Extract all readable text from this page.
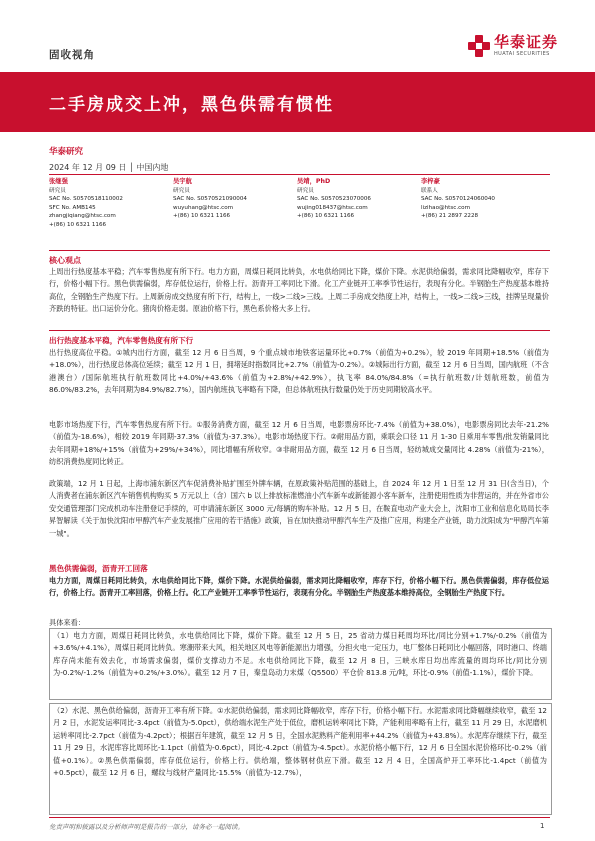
固收视角
华泰证券
HUATAI SECURITIES
二手房成交上冲，黑色供需有惯性
华泰研究
2024 年 12 月 09 日 │ 中国内地
张继强
研究员
SAC No. S0570518110002
SFC No. AMB145
zhangjiqiang@htsc.com
+(86) 10 6321 1166
吴宇航
研究员
SAC No. S0570521090004
wuyuhang@htsc.com
+(86) 10 6321 1166
吴靖，PhD
研究员
SAC No. S0570523070006
wujing018437@htsc.com
+(86) 10 6321 1166
李梓豪
联系人
SAC No. S0570124060040
lizihao@htsc.com
+(86) 21 2897 2228
核心观点
上周出行热度基本平稳；汽车零售热度有所下行。电力方面，周煤日耗同比转负，水电供给同比下降，煤价下降。水泥供给偏弱，需求同比降幅收窄，库存下行，价格小幅下行。黑色供需偏弱，库存低位运行，价格上行。沥青开工率同比下滑。化工产业链开工率季节性运行，表现有分化。半钢胎生产热度基本维持高位，全钢胎生产热度下行。上周新房成交热度有所下行，结构上，一线>二线>三线。上周二手房成交热度上冲，结构上，一线>二线>三线，挂牌呈现量价齐跌的特征。出口运价分化。猪肉价格走弱。原油价格下行，黑色系价格大多上行。
出行热度基本平稳，汽车零售热度有所下行
出行热度高位平稳。①城内出行方面，截至 12 月 6 日当周，9 个重点城市地铁客运量环比+0.7%（前值为+0.2%），较 2019 年同期+18.5%（前值为+18.0%），出行热度总体高位延续；截至 12 月 1 日，拥堵延时指数同比+2.7%（前值为-0.2%）。②城际出行方面，截至 12 月 6 日当周，国内航班（不含港澳台）/国际航班执行航班数同比+4.0%/+43.6%（前值为+2.8%/+42.9%），执飞率 84.0%/84.8%（=执行航班数/计划航班数，前值为 86.0%/83.2%，去年同期为84.9%/82.7%），国内航班执飞率略有下降，但总体航班执行数量仍处于历史同期较高水平。
电影市场热度下行，汽车零售热度有所下行。①服务消费方面，截至 12 月 6 日当周，电影票房环比-7.4%（前值为+38.0%），电影票房同比去年-21.2%（前值为-18.6%），相较 2019 年同期-37.3%（前值为-37.3%）。电影市场热度下行。②耐用品方面，乘联会口径 11 月 1-30 日乘用车零售/批发销量同比去年同期+18%/+15%（前值为+29%/+34%），同比增幅有所收窄。③非耐用品方面，截至 12 月 6 日当周，轻纺城成交量同比 4.28%（前值为-21%），纺织消费热度同比转正。
政策端，12 月 1 日起，上海市浦东新区汽车促消费补贴扩围至外牌车辆，在原政策补贴范围的基础上，自 2024 年 12 月 1 日至 12 月 31 日(含当日)，个人消费者在浦东新区汽车销售机构购买 5 万元以上（含）国六 b 以上排放标准燃油小汽车新车或新能源小客车新车，注册使用性质为非营运的，并在外省市公安交通管理部门完成机动车注册登记手续的，可申请浦东新区 3000 元/每辆的购车补贴。12 月 5 日，在鞍直电动产业大会上，沈阳市工业和信息化局局长李昇智解读《关于加快沈阳市甲醇汽车产业发展推广应用的若干措施》政策，旨在加快推动甲醇汽车生产及推广应用，构建全产业链，助力沈阳成为"甲醇汽车第一城"。
黑色供需偏弱，沥青开工回落
电力方面，周煤日耗同比转负，水电供给同比下降，煤价下降。水泥供给偏弱，需求同比降幅收窄，库存下行，价格小幅下行。黑色供需偏弱，库存低位运行，价格上行。沥青开工率回落，价格上行。化工产业链开工率季节性运行，表现有分化。半钢胎生产热度基本维持高位，全钢胎生产热度下行。
具体来看：
（1）电力方面，周煤日耗同比转负，水电供给同比下降，煤价下降。截至 12 月 5 日，25 省动力煤日耗周均环比/同比分别+1.7%/-0.2%（前值为+3.6%/+4.1%），周煤日耗同比转负。寒潮带来大风，相关地区风电等新能源出力增强，分担火电一定压力，电厂整体日耗同比小幅回落，同时港口、终端库存尚未能有效去化，市场需求偏弱，煤价支撑动力不足。水电供给同比下降，截至 12 月 8 日，三峡水库日均出库流量的周均环比/同比分别为-0.2%/-1.2%（前值为+0.2%/+3.0%）。截至 12 月 7 日，秦皇岛动力末煤（Q5500）平仓价 813.8 元/吨，环比-0.9%（前值-1.1%），煤价下降。
（2）水泥、黑色供给偏弱，沥青开工率有所下降。①水泥供给偏弱，需求同比降幅收窄，库存下行，价格小幅下行。水泥需求同比降幅继续收窄，截至 12 月 2 日，水泥发运率同比-3.4pct（前值为-5.0pct），供给端水泥生产处于低位，磨机运转率同比下降，产能利用率略有上行，截至 11 月 29 日，水泥磨机运转率同比-2.7pct（前值为-4.2pct）；根据百年建筑，截至 12 月 5 日，全国水泥熟料产能利用率+44.2%（前值为+43.8%）。水泥库存继续下行，截至 11 月 29 日，水泥库容比周环比-1.1pct（前值为-0.6pct），同比-4.2pct（前值为-4.5pct）。水泥价格小幅下行，12 月 6 日全国水泥价格环比-0.2%（前值+0.1%）。②黑色供需偏弱，库存低位运行，价格上行。供给端，整体钢材供应下滑。截至 12 月 4 日，全国高炉开工率环比-1.4pct（前值为+0.5pct），截至 12 月 6 日，螺纹与线材产量同比-15.5%（前值为-12.7%），
免责声明和披露以及分析师声明是报告的一部分，请务必一起阅读。	1
